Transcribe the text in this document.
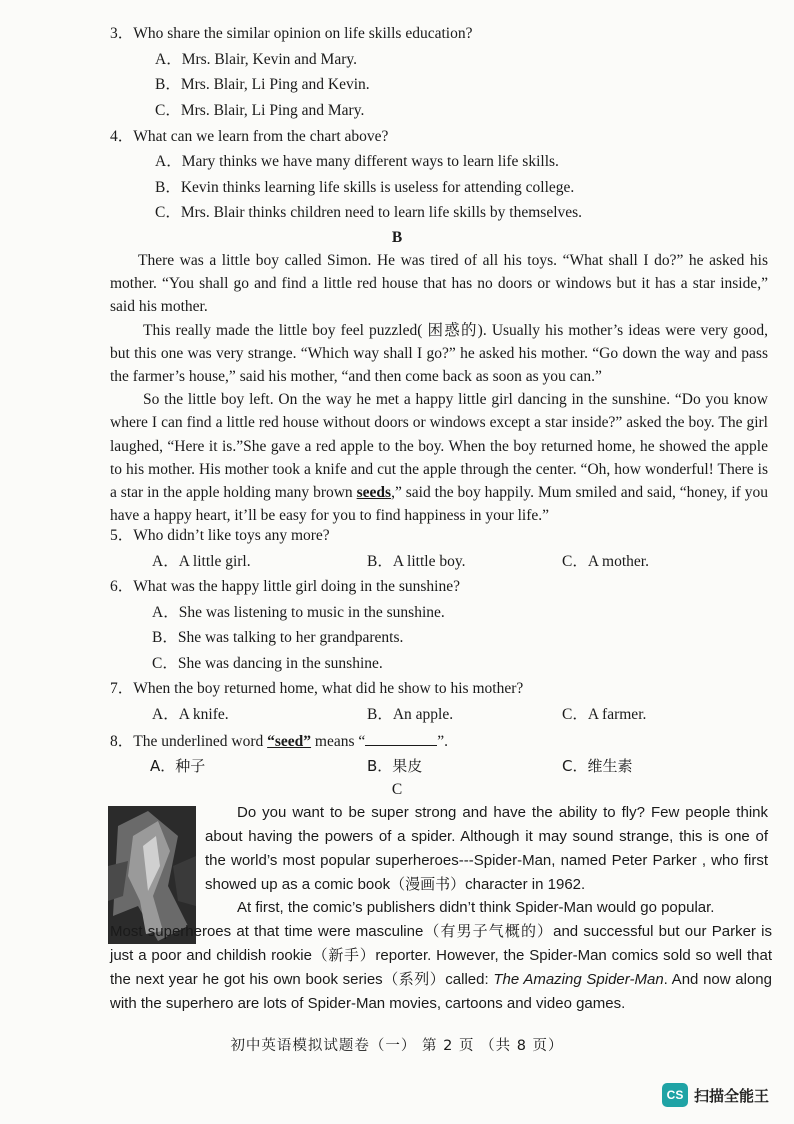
3．Who share the similar opinion on life skills education?
A．Mrs. Blair, Kevin and Mary.
B．Mrs. Blair, Li Ping and Kevin.
C．Mrs. Blair, Li Ping and Mary.
4．What can we learn from the chart above?
A．Mary thinks we have many different ways to learn life skills.
B．Kevin thinks learning life skills is useless for attending college.
C．Mrs. Blair thinks children need to learn life skills by themselves.
B

There was a little boy called Simon. He was tired of all his toys. “What shall I do?” he asked his mother. “You shall go and find a little red house that has no doors or windows but it has a star inside,” said his mother.

This really made the little boy feel puzzled( 困惑的). Usually his mother’s ideas were very good, but this one was very strange. “Which way shall I go?” he asked his mother. “Go down the way and pass the farmer’s house,” said his mother, “and then come back as soon as you can.”

So the little boy left. On the way he met a happy little girl dancing in the sunshine. “Do you know where I can find a little red house without doors or windows except a star inside?” asked the boy. The girl laughed, “Here it is.”She gave a red apple to the boy. When the boy returned home, he showed the apple to his mother. His mother took a knife and cut the apple through the center. “Oh, how wonderful! There is a star in the apple holding many brown seeds,” said the boy happily. Mum smiled and said, “honey, if you have a happy heart, it’ll be easy for you to find happiness in your life.”

5．Who didn’t like toys any more?
A．A little girl.	B．A little boy.	C．A mother.
6．What was the happy little girl doing in the sunshine?
A．She was listening to music in the sunshine.
B．She was talking to her grandparents.
C．She was dancing in the sunshine.
7．When the boy returned home, what did he show to his mother?
A．A knife.	B．An apple.	C．A farmer.
8．The underlined word “seed” means “	”.
A．种子	B．果皮	C．维生素
C

Do you want to be super strong and have the ability to fly? Few people think about having the powers of a spider. Although it may sound strange, this is one of the world’s most popular superheroes---Spider-Man, named Peter Parker , who first showed up as a comic book（漫画书）character in 1962.

At first, the comic’s publishers didn’t think Spider-Man would go popular.

Most superheroes at that time were masculine（有男子气概的）and successful but our Parker is just a poor and childish rookie（新手）reporter. However, the Spider-Man comics sold so well that the next year he got his own book series（系列）called: The Amazing Spider-Man. And now along with the superhero are lots of Spider-Man movies, cartoons and video games.

初中英语模拟试题卷（一） 第 2 页 （共 8 页）
CS 扫描全能王
